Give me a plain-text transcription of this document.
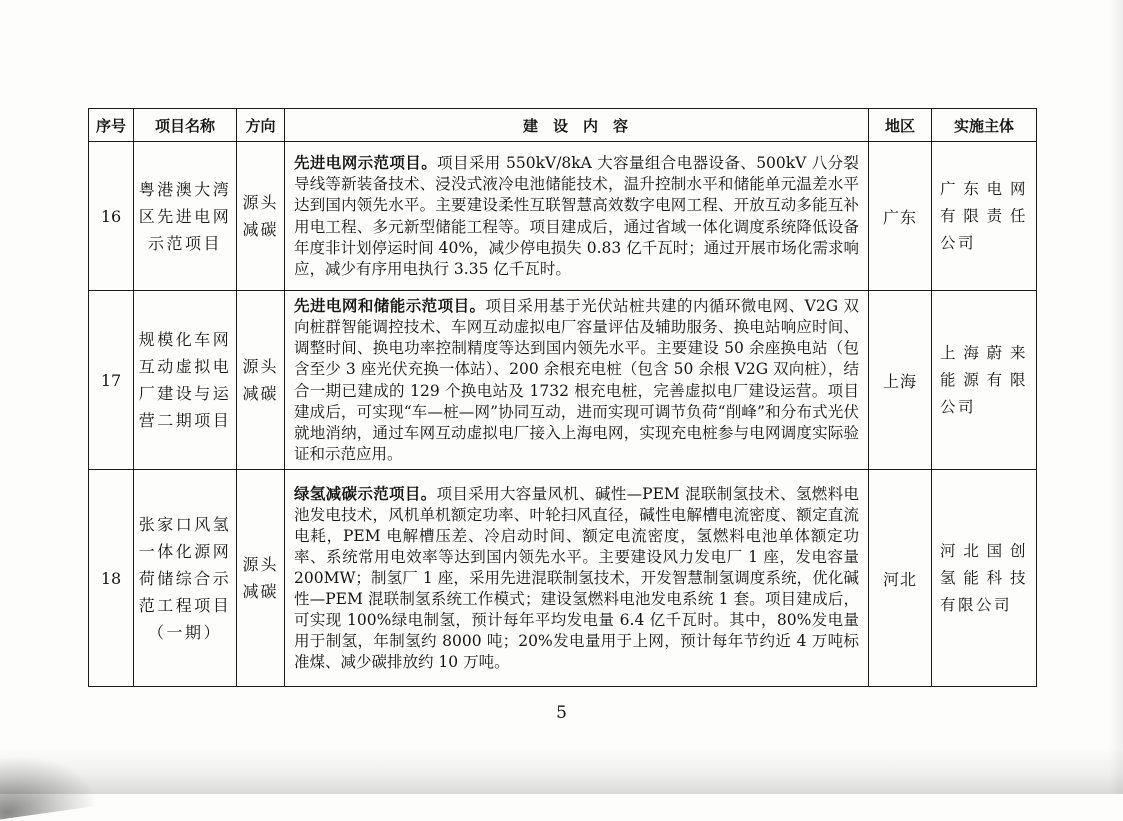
序号	项目名称	方向	建设内容	地区	实施主体
16	粤港澳大湾区先进电网示范项目	源头减碳	先进电网示范项目。项目采用 550kV/8kA 大容量组合电器设备、500kV 八分裂导线等新装备技术、浸没式液冷电池储能技术，温升控制水平和储能单元温差水平达到国内领先水平。主要建设柔性互联智慧高效数字电网工程、开放互动多能互补用电工程、多元新型储能工程等。项目建成后，通过省域一体化调度系统降低设备年度非计划停运时间 40%，减少停电损失 0.83 亿千瓦时；通过开展市场化需求响应，减少有序用电执行 3.35 亿千瓦时。	广东	广东电网有限责任公司
17	规模化车网互动虚拟电厂建设与运营二期项目	源头减碳	先进电网和储能示范项目。项目采用基于光伏站桩共建的内循环微电网、V2G 双向桩群智能调控技术、车网互动虚拟电厂容量评估及辅助服务、换电站响应时间、调整时间、换电功率控制精度等达到国内领先水平。主要建设 50 余座换电站（包含至少 3 座光伏充换一体站）、200 余根充电桩（包含 50 余根 V2G 双向桩），结合一期已建成的 129 个换电站及 1732 根充电桩，完善虚拟电厂建设运营。项目建成后，可实现“车—桩—网”协同互动，进而实现可调节负荷“削峰”和分布式光伏就地消纳，通过车网互动虚拟电厂接入上海电网，实现充电桩参与电网调度实际验证和示范应用。	上海	上海蔚来能源有限公司
18	张家口风氢一体化源网荷储综合示范工程项目（一期）	源头减碳	绿氢减碳示范项目。项目采用大容量风机、碱性—PEM 混联制氢技术、氢燃料电池发电技术，风机单机额定功率、叶轮扫风直径，碱性电解槽电流密度、额定直流电耗，PEM 电解槽压差、冷启动时间、额定电流密度，氢燃料电池单体额定功率、系统常用电效率等达到国内领先水平。主要建设风力发电厂 1 座，发电容量 200MW；制氢厂 1 座，采用先进混联制氢技术，开发智慧制氢调度系统，优化碱性—PEM 混联制氢系统工作模式；建设氢燃料电池发电系统 1 套。项目建成后，可实现 100%绿电制氢，预计每年平均发电量 6.4 亿千瓦时。其中，80%发电量用于制氢，年制氢约 8000 吨；20%发电量用于上网，预计每年节约近 4 万吨标准煤、减少碳排放约 10 万吨。	河北	河北国创氢能科技有限公司
5
